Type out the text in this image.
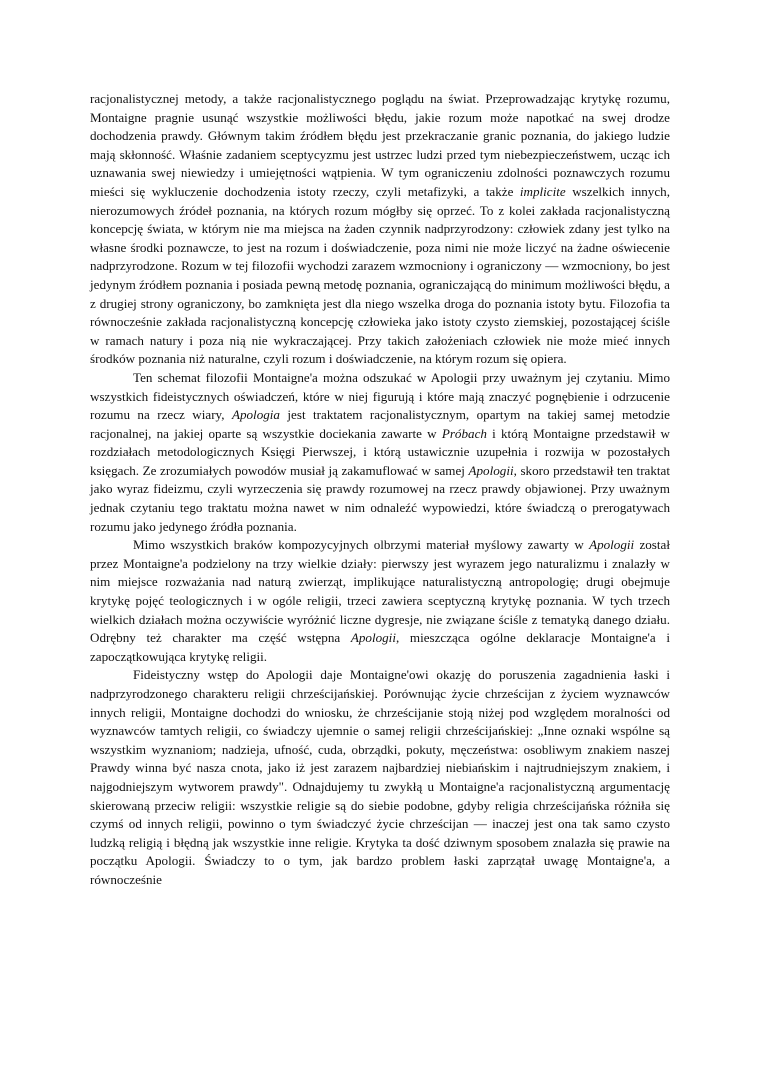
racjonalistycznej metody, a także racjonalistycznego poglądu na świat. Przeprowadzając krytykę rozumu, Montaigne pragnie usunąć wszystkie możliwości błędu, jakie rozum może napotkać na swej drodze dochodzenia prawdy. Głównym takim źródłem błędu jest przekraczanie granic poznania, do jakiego ludzie mają skłonność. Właśnie zadaniem sceptycyzmu jest ustrzec ludzi przed tym niebezpieczeństwem, ucząc ich uznawania swej niewiedzy i umiejętności wątpienia. W tym ograniczeniu zdolności poznawczych rozumu mieści się wykluczenie dochodzenia istoty rzeczy, czyli metafizyki, a także implicite wszelkich innych, nierozumowych źródeł poznania, na których rozum mógłby się oprzeć. To z kolei zakłada racjonalistyczną koncepcję świata, w którym nie ma miejsca na żaden czynnik nadprzyrodzony: człowiek zdany jest tylko na własne środki poznawcze, to jest na rozum i doświadczenie, poza nimi nie może liczyć na żadne oświecenie nadprzyrodzone. Rozum w tej filozofii wychodzi zarazem wzmocniony i ograniczony — wzmocniony, bo jest jedynym źródłem poznania i posiada pewną metodę poznania, ograniczającą do minimum możliwości błędu, a z drugiej strony ograniczony, bo zamknięta jest dla niego wszelka droga do poznania istoty bytu. Filozofia ta równocześnie zakłada racjonalistyczną koncepcję człowieka jako istoty czysto ziemskiej, pozostającej ściśle w ramach natury i poza nią nie wykraczającej. Przy takich założeniach człowiek nie może mieć innych środków poznania niż naturalne, czyli rozum i doświadczenie, na którym rozum się opiera.

Ten schemat filozofii Montaigne'a można odszukać w Apologii przy uważnym jej czytaniu. Mimo wszystkich fideistycznych oświadczeń, które w niej figurują i które mają znaczyć pognębienie i odrzucenie rozumu na rzecz wiary, Apologia jest traktatem racjonalistycznym, opartym na takiej samej metodzie racjonalnej, na jakiej oparte są wszystkie dociekania zawarte w Próbach i którą Montaigne przedstawił w rozdziałach metodologicznych Księgi Pierwszej, i którą ustawicznie uzupełnia i rozwija w pozostałych księgach. Ze zrozumiałych powodów musiał ją zakamuflować w samej Apologii, skoro przedstawił ten traktat jako wyraz fideizmu, czyli wyrzeczenia się prawdy rozumowej na rzecz prawdy objawionej. Przy uważnym jednak czytaniu tego traktatu można nawet w nim odnaleźć wypowiedzi, które świadczą o prerogatywach rozumu jako jedynego źródła poznania.

Mimo wszystkich braków kompozycyjnych olbrzymi materiał myślowy zawarty w Apologii został przez Montaigne'a podzielony na trzy wielkie działy: pierwszy jest wyrazem jego naturalizmu i znalazły w nim miejsce rozważania nad naturą zwierząt, implikujące naturalistyczną antropologię; drugi obejmuje krytykę pojęć teologicznych i w ogóle religii, trzeci zawiera sceptyczną krytykę poznania. W tych trzech wielkich działach można oczywiście wyróżnić liczne dygresje, nie związane ściśle z tematyką danego działu. Odrębny też charakter ma część wstępna Apologii, mieszcząca ogólne deklaracje Montaigne'a i zapoczątkowująca krytykę religii.

Fideistyczny wstęp do Apologii daje Montaigne'owi okazję do poruszenia zagadnienia łaski i nadprzyrodzonego charakteru religii chrześcijańskiej. Porównując życie chrześcijan z życiem wyznawców innych religii, Montaigne dochodzi do wniosku, że chrześcijanie stoją niżej pod względem moralności od wyznawców tamtych religii, co świadczy ujemnie o samej religii chrześcijańskiej: „Inne oznaki wspólne są wszystkim wyznaniom; nadzieja, ufność, cuda, obrządki, pokuty, męczeństwa: osobliwym znakiem naszej Prawdy winna być nasza cnota, jako iż jest zarazem najbardziej niebiańskim i najtrudniejszym znakiem, i najgodniejszym wytworem prawdy". Odnajdujemy tu zwykłą u Montaigne'a racjonalistyczną argumentację skierowaną przeciw religii: wszystkie religie są do siebie podobne, gdyby religia chrześcijańska różniła się czymś od innych religii, powinno o tym świadczyć życie chrześcijan — inaczej jest ona tak samo czysto ludzką religią i błędną jak wszystkie inne religie. Krytyka ta dość dziwnym sposobem znalazła się prawie na początku Apologii. Świadczy to o tym, jak bardzo problem łaski zaprzątał uwagę Montaigne'a, a równocześnie
